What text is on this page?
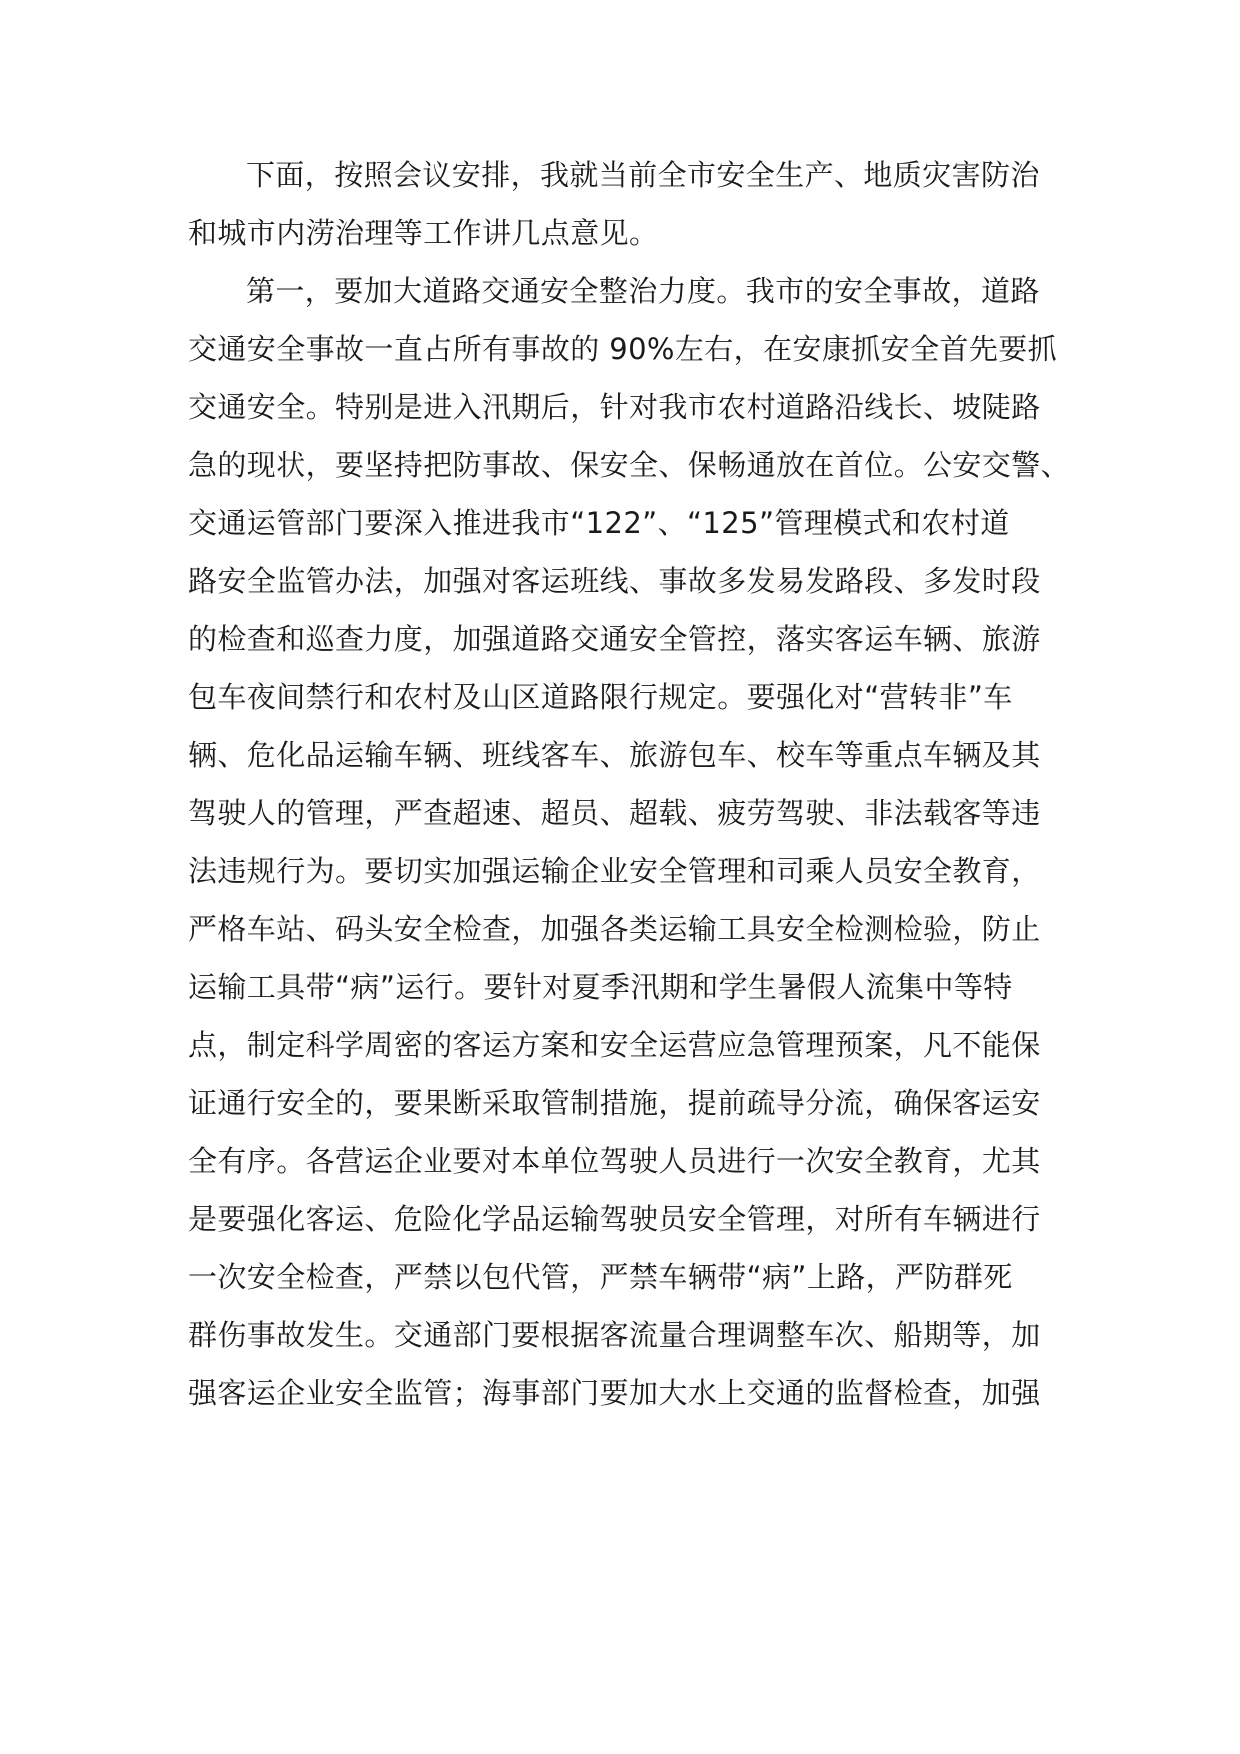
下面，按照会议安排，我就当前全市安全生产、地质灾害防治
和城市内涝治理等工作讲几点意见。
第一，要加大道路交通安全整治力度。我市的安全事故，道路
交通安全事故一直占所有事故的 90%左右，在安康抓安全首先要抓
交通安全。特别是进入汛期后，针对我市农村道路沿线长、坡陡路
急的现状，要坚持把防事故、保安全、保畅通放在首位。公安交警、
交通运管部门要深入推进我市“122”、“125”管理模式和农村道
路安全监管办法，加强对客运班线、事故多发易发路段、多发时段
的检查和巡查力度，加强道路交通安全管控，落实客运车辆、旅游
包车夜间禁行和农村及山区道路限行规定。要强化对“营转非”车
辆、危化品运输车辆、班线客车、旅游包车、校车等重点车辆及其
驾驶人的管理，严查超速、超员、超载、疲劳驾驶、非法载客等违
法违规行为。要切实加强运输企业安全管理和司乘人员安全教育，
严格车站、码头安全检查，加强各类运输工具安全检测检验，防止
运输工具带“病”运行。要针对夏季汛期和学生暑假人流集中等特
点，制定科学周密的客运方案和安全运营应急管理预案，凡不能保
证通行安全的，要果断采取管制措施，提前疏导分流，确保客运安
全有序。各营运企业要对本单位驾驶人员进行一次安全教育，尤其
是要强化客运、危险化学品运输驾驶员安全管理，对所有车辆进行
一次安全检查，严禁以包代管，严禁车辆带“病”上路，严防群死
群伤事故发生。交通部门要根据客流量合理调整车次、船期等，加
强客运企业安全监管；海事部门要加大水上交通的监督检查，加强
